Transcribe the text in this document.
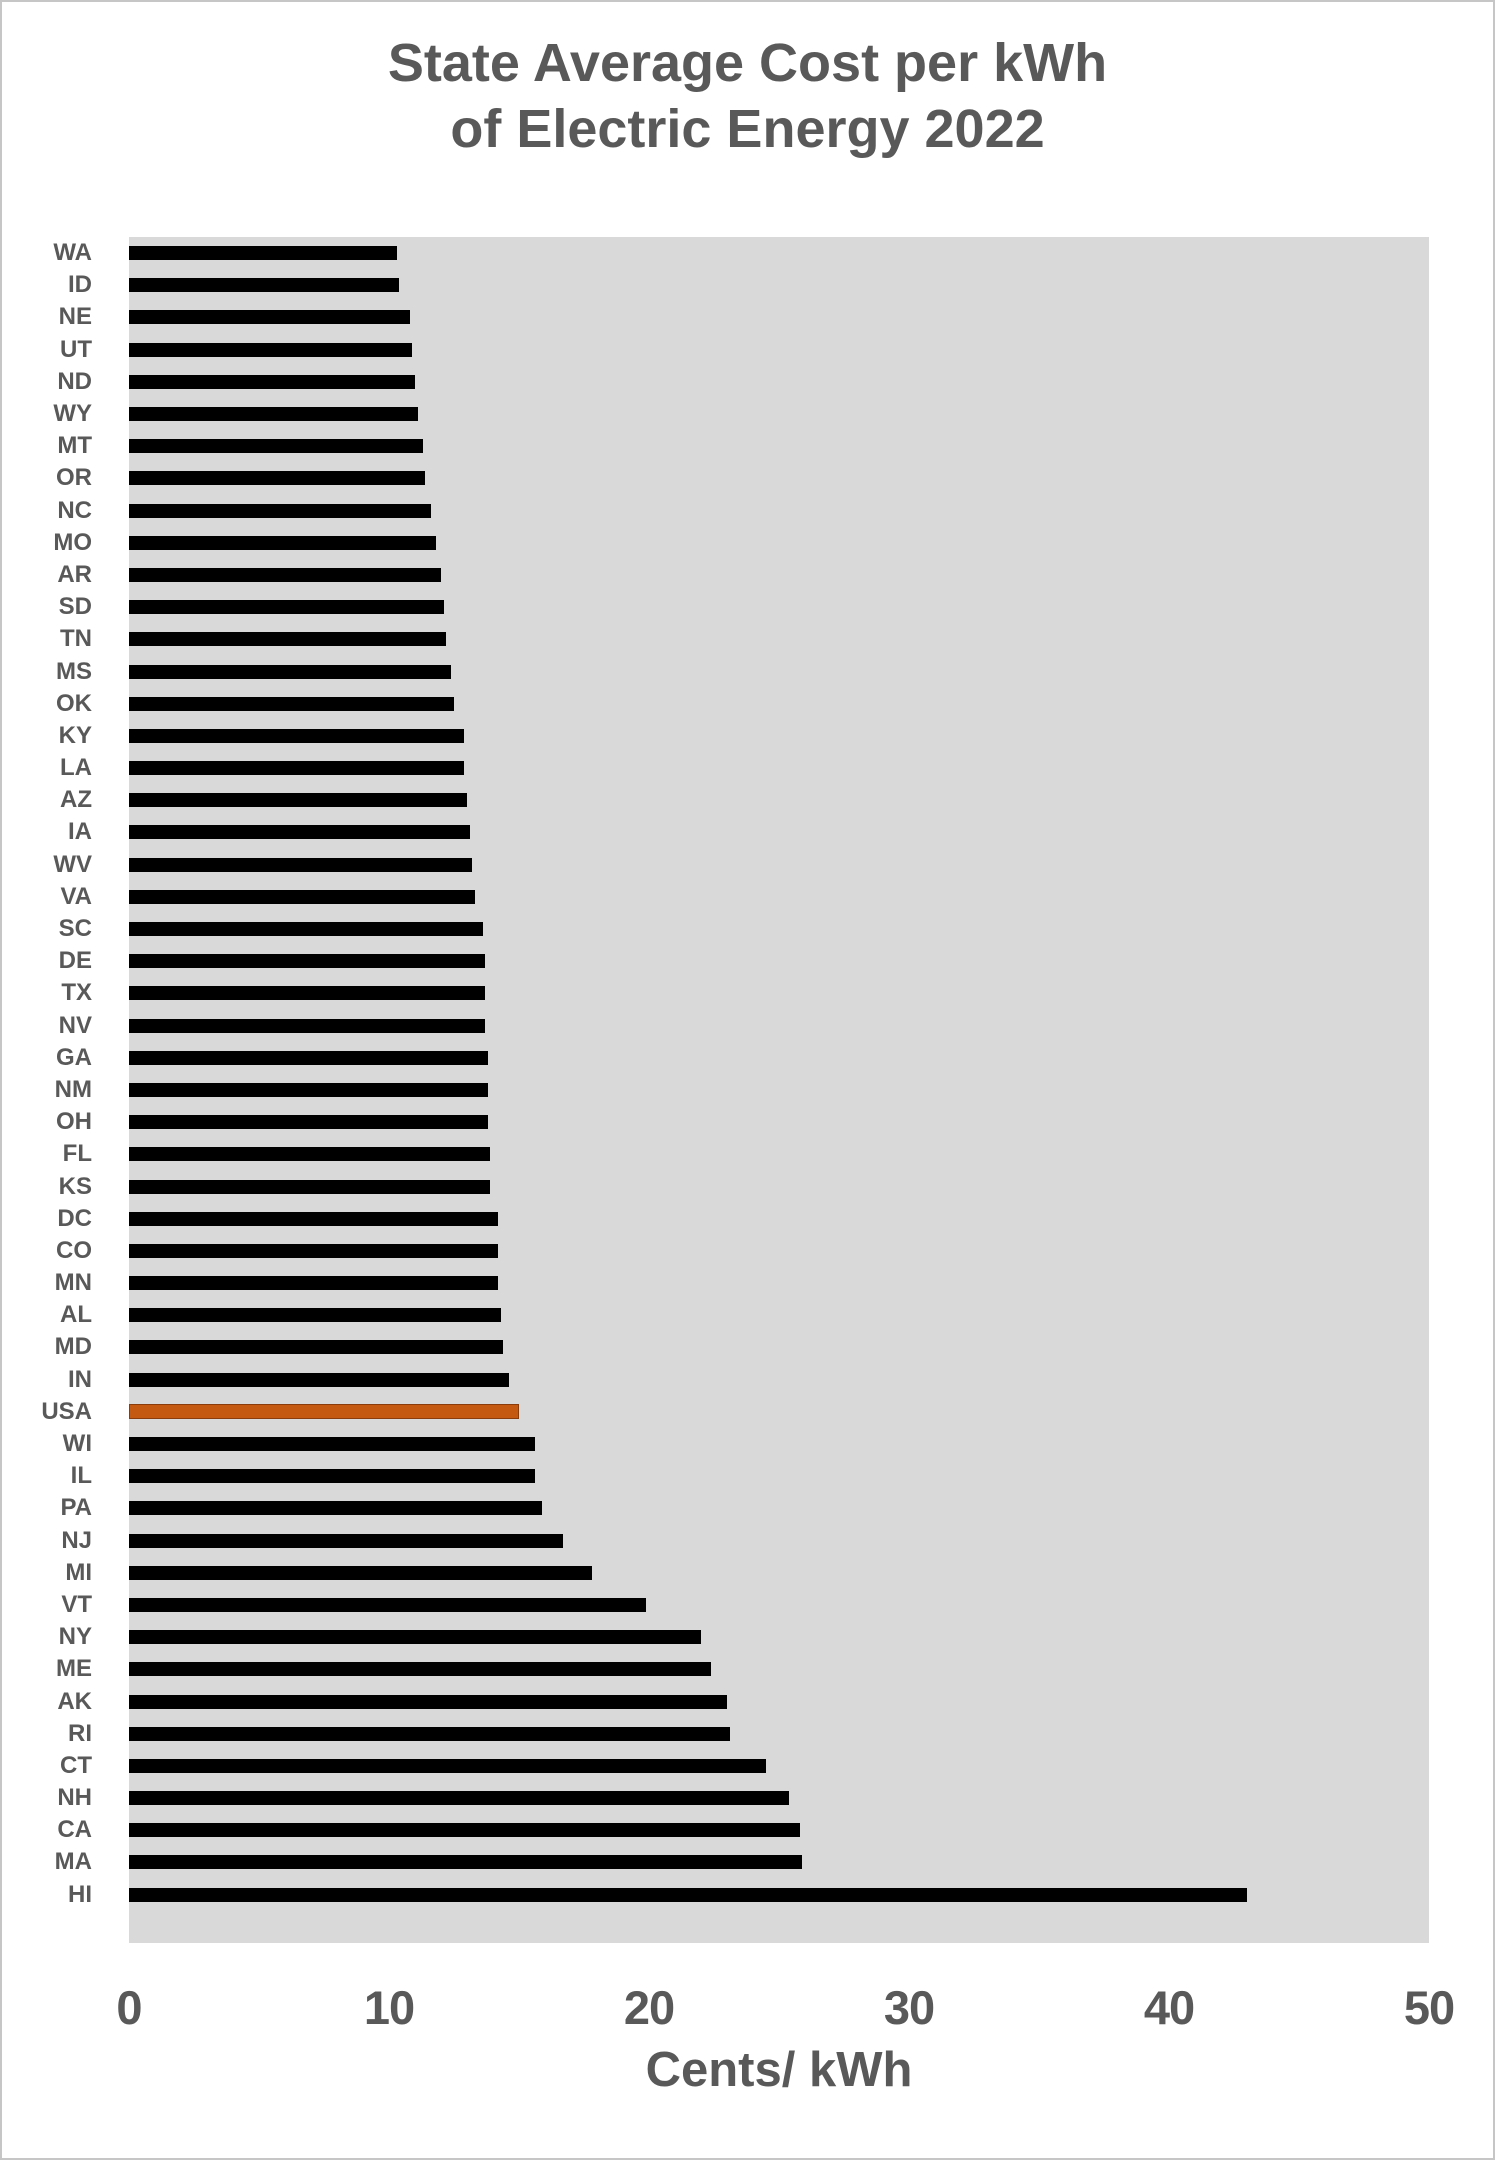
State Average Cost per kWh
of Electric Energy 2022
WA
ID
NE
UT
ND
WY
MT
OR
NC
MO
AR
SD
TN
MS
OK
KY
LA
AZ
IA
WV
VA
SC
DE
TX
NV
GA
NM
OH
FL
KS
DC
CO
MN
AL
MD
IN
USA
WI
IL
PA
NJ
MI
VT
NY
ME
AK
RI
CT
NH
CA
MA
HI
0	10	20	30	40	50
Cents/ kWh
